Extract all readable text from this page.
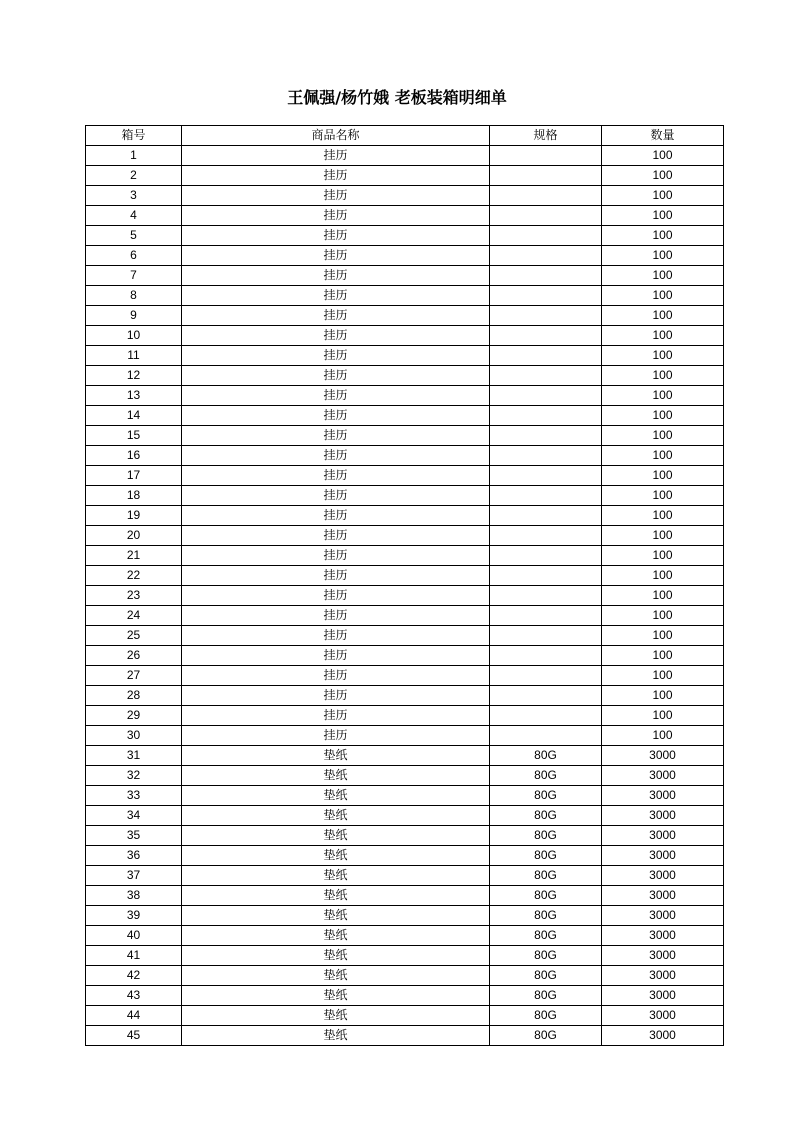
王佩强/杨竹娥 老板装箱明细单
箱号	商品名称	规格	数量
1	挂历		100
2	挂历		100
3	挂历		100
4	挂历		100
5	挂历		100
6	挂历		100
7	挂历		100
8	挂历		100
9	挂历		100
10	挂历		100
11	挂历		100
12	挂历		100
13	挂历		100
14	挂历		100
15	挂历		100
16	挂历		100
17	挂历		100
18	挂历		100
19	挂历		100
20	挂历		100
21	挂历		100
22	挂历		100
23	挂历		100
24	挂历		100
25	挂历		100
26	挂历		100
27	挂历		100
28	挂历		100
29	挂历		100
30	挂历		100
31	垫纸	80G	3000
32	垫纸	80G	3000
33	垫纸	80G	3000
34	垫纸	80G	3000
35	垫纸	80G	3000
36	垫纸	80G	3000
37	垫纸	80G	3000
38	垫纸	80G	3000
39	垫纸	80G	3000
40	垫纸	80G	3000
41	垫纸	80G	3000
42	垫纸	80G	3000
43	垫纸	80G	3000
44	垫纸	80G	3000
45	垫纸	80G	3000
